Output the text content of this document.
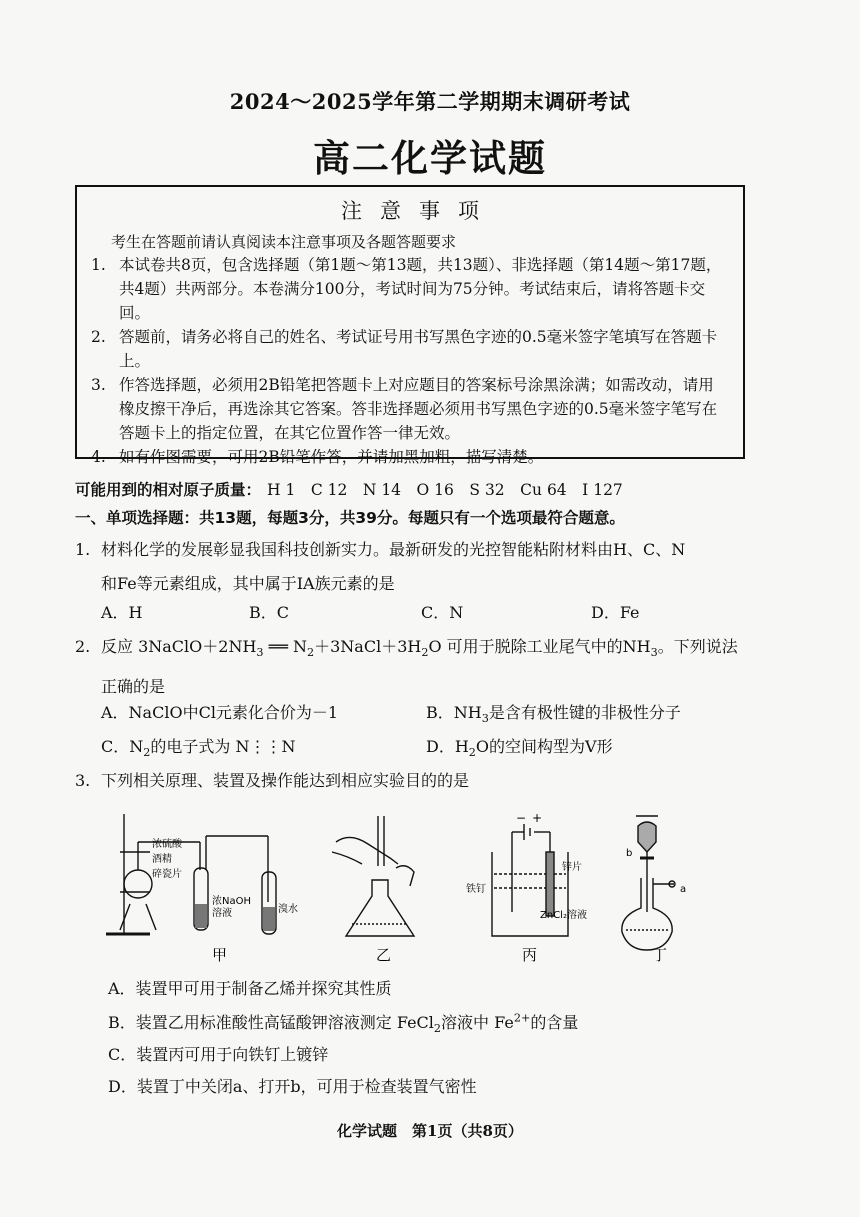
2024～2025学年第二学期期末调研考试
高二化学试题
注意事项
考生在答题前请认真阅读本注意事项及各题答题要求
1. 本试卷共8页，包含选择题（第1题～第13题，共13题）、非选择题（第14题～第17题，共4题）共两部分。本卷满分100分，考试时间为75分钟。考试结束后，请将答题卡交回。
2. 答题前，请务必将自己的姓名、考试证号用书写黑色字迹的0.5毫米签字笔填写在答题卡上。
3. 作答选择题，必须用2B铅笔把答题卡上对应题目的答案标号涂黑涂满；如需改动，请用橡皮擦干净后，再选涂其它答案。答非选择题必须用书写黑色字迹的0.5毫米签字笔写在答题卡上的指定位置，在其它位置作答一律无效。
4. 如有作图需要，可用2B铅笔作答，并请加黑加粗，描写清楚。
可能用到的相对原子质量： H 1　C 12　N 14　O 16　S 32　Cu 64　I 127
一、单项选择题：共13题，每题3分，共39分。每题只有一个选项最符合题意。
1. 材料化学的发展彰显我国科技创新实力。最新研发的光控智能粘附材料由H、C、N
和Fe等元素组成，其中属于IA族元素的是
A．H	B．C	C．N	D．Fe
2. 反应 $3NaClO+2NH_3$ ══ $N_2+3NaCl+3H_2O$ 可用于脱除工业尾气中的$NH_3$。下列说法
正确的是
A．NaClO中Cl元素化合价为－1	B．$NH_3$是含有极性键的非极性分子
C．$N_2$的电子式为 N⋮⋮N	D．$H_2O$的空间构型为V形
3. 下列相关原理、装置及操作能达到相应实验目的的是
浓硫酸
酒精
碎瓷片
浓NaOH
溶液	溴水
− +
铁钉
锌片
ZnCl₂溶液
b
a
甲	乙	丙	丁
A．装置甲可用于制备乙烯并探究其性质
B．装置乙用标准酸性高锰酸钾溶液测定 FeCl$_2$溶液中 $Fe^{2+}$的含量
C．装置丙可用于向铁钉上镀锌
D．装置丁中关闭a、打开b，可用于检查装置气密性
化学试题　第1页（共8页）
